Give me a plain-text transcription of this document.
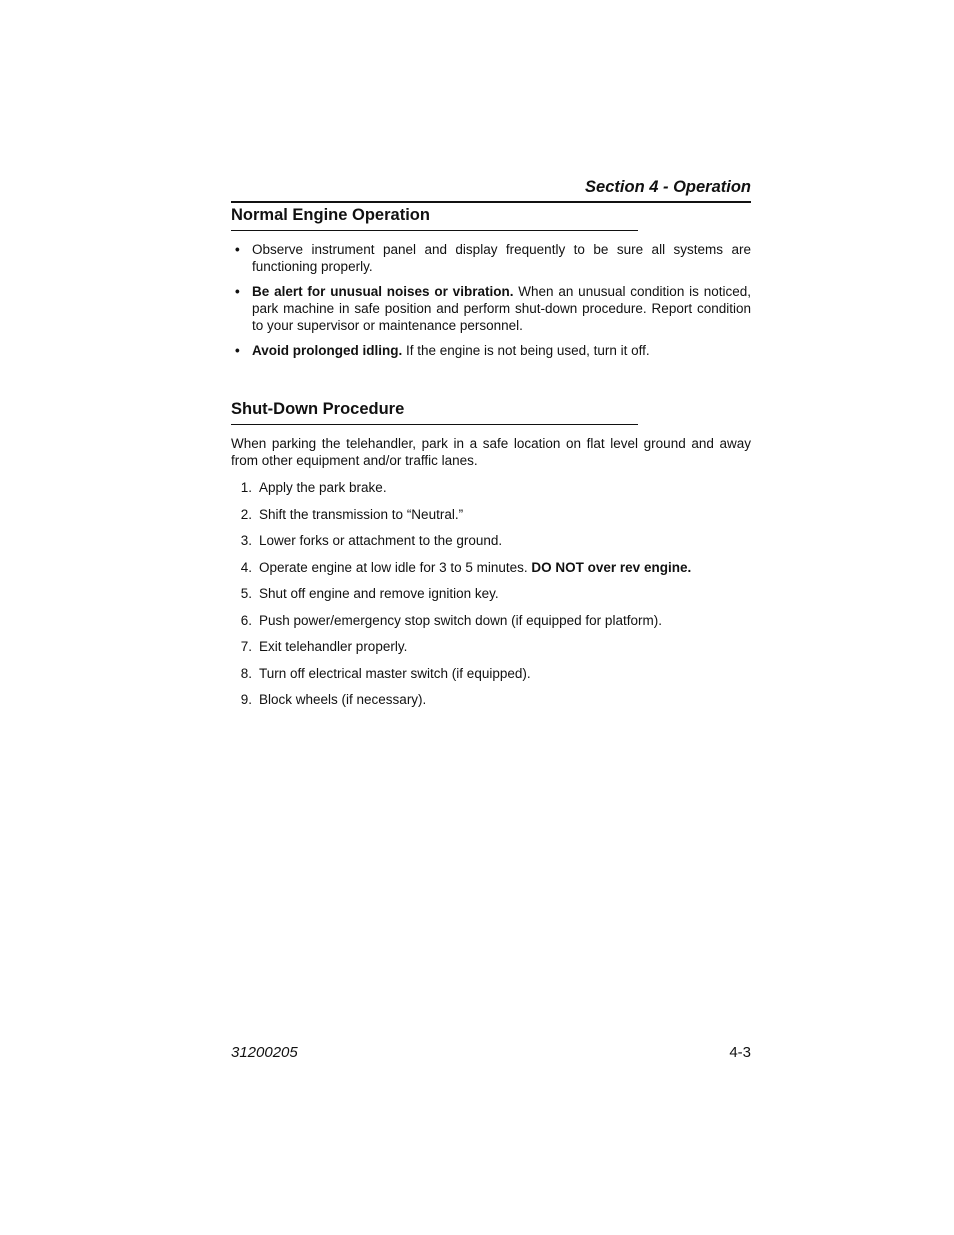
Section 4 - Operation
Normal Engine Operation
• Observe instrument panel and display frequently to be sure all systems are functioning properly.
• Be alert for unusual noises or vibration. When an unusual condition is noticed, park machine in safe position and perform shut-down procedure. Report condition to your supervisor or maintenance personnel.
• Avoid prolonged idling. If the engine is not being used, turn it off.
Shut-Down Procedure

When parking the telehandler, park in a safe location on flat level ground and away from other equipment and/or traffic lanes.

1. Apply the park brake.
2. Shift the transmission to “Neutral.”
3. Lower forks or attachment to the ground.
4. Operate engine at low idle for 3 to 5 minutes. DO NOT over rev engine.
5. Shut off engine and remove ignition key.
6. Push power/emergency stop switch down (if equipped for platform).
7. Exit telehandler properly.
8. Turn off electrical master switch (if equipped).
9. Block wheels (if necessary).
31200205	4-3
